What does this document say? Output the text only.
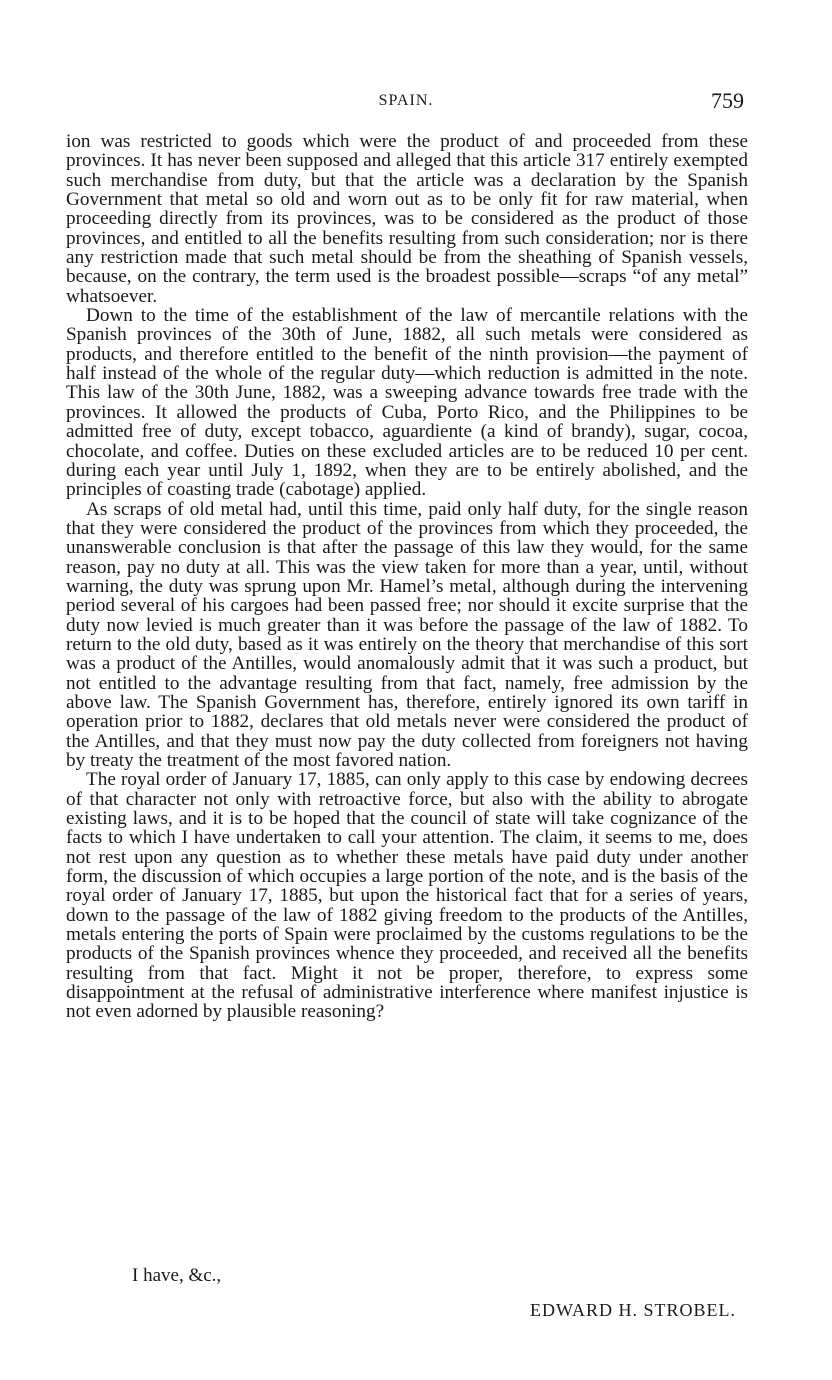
SPAIN.	759

ion was restricted to goods which were the product of and proceeded from these provinces. It has never been supposed and alleged that this article 317 entirely exempted such merchandise from duty, but that the article was a declaration by the Spanish Government that metal so old and worn out as to be only fit for raw material, when proceeding directly from its provinces, was to be considered as the product of those provinces, and entitled to all the benefits resulting from such consideration; nor is there any restriction made that such metal should be from the sheathing of Spanish vessels, because, on the contrary, the term used is the broadest possible—scraps “of any metal” whatsoever.

Down to the time of the establishment of the law of mercantile relations with the Spanish provinces of the 30th of June, 1882, all such metals were considered as products, and therefore entitled to the benefit of the ninth provision—the payment of half instead of the whole of the regular duty—which reduction is admitted in the note. This law of the 30th June, 1882, was a sweeping advance towards free trade with the provinces. It allowed the products of Cuba, Porto Rico, and the Philippines to be admitted free of duty, except tobacco, aguardiente (a kind of brandy), sugar, cocoa, chocolate, and coffee. Duties on these excluded articles are to be reduced 10 per cent. during each year until July 1, 1892, when they are to be entirely abolished, and the principles of coasting trade (cabotage) applied.

As scraps of old metal had, until this time, paid only half duty, for the single reason that they were considered the product of the provinces from which they proceeded, the unanswerable conclusion is that after the passage of this law they would, for the same reason, pay no duty at all. This was the view taken for more than a year, until, without warning, the duty was sprung upon Mr. Hamel’s metal, although during the intervening period several of his cargoes had been passed free; nor should it excite surprise that the duty now levied is much greater than it was before the passage of the law of 1882. To return to the old duty, based as it was entirely on the theory that merchandise of this sort was a product of the Antilles, would anomalously admit that it was such a product, but not entitled to the advantage resulting from that fact, namely, free admission by the above law. The Spanish Government has, therefore, entirely ignored its own tariff in operation prior to 1882, declares that old metals never were considered the product of the Antilles, and that they must now pay the duty collected from foreigners not having by treaty the treatment of the most favored nation.

The royal order of January 17, 1885, can only apply to this case by endowing decrees of that character not only with retroactive force, but also with the ability to abrogate existing laws, and it is to be hoped that the council of state will take cognizance of the facts to which I have undertaken to call your attention. The claim, it seems to me, does not rest upon any question as to whether these metals have paid duty under another form, the discussion of which occupies a large portion of the note, and is the basis of the royal order of January 17, 1885, but upon the historical fact that for a series of years, down to the passage of the law of 1882 giving freedom to the products of the Antilles, metals entering the ports of Spain were proclaimed by the customs regulations to be the products of the Spanish provinces whence they proceeded, and received all the benefits resulting from that fact. Might it not be proper, therefore, to express some disappointment at the refusal of administrative interference where manifest injustice is not even adorned by plausible reasoning?

I have, &c.,
EDWARD H. STROBEL.
